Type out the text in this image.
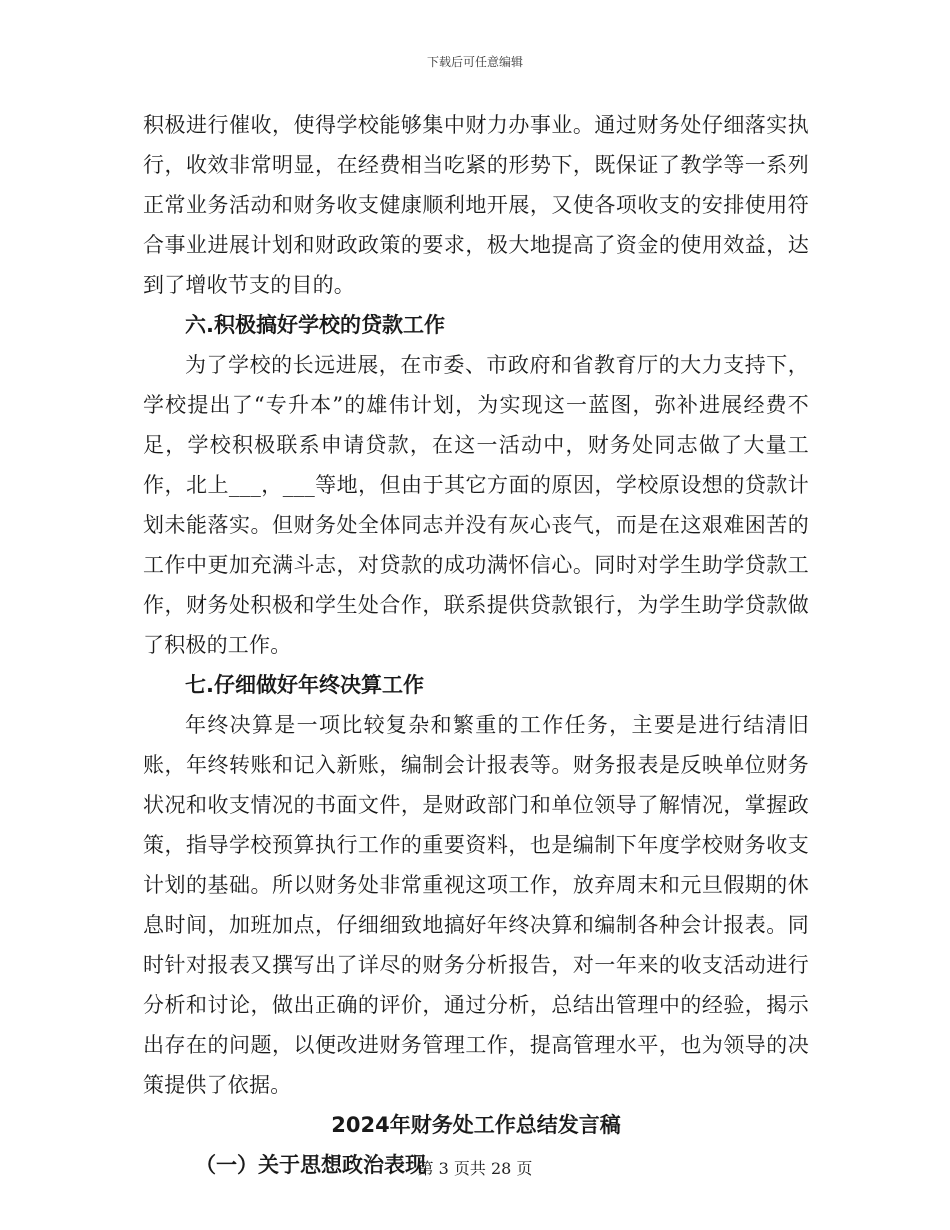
下载后可任意编辑

积极进行催收，使得学校能够集中财力办事业。通过财务处仔细落实执行，收效非常明显，在经费相当吃紧的形势下，既保证了教学等一系列正常业务活动和财务收支健康顺利地开展，又使各项收支的安排使用符合事业进展计划和财政政策的要求，极大地提高了资金的使用效益，达到了增收节支的目的。

六.积极搞好学校的贷款工作

为了学校的长远进展，在市委、市政府和省教育厅的大力支持下，学校提出了“专升本”的雄伟计划，为实现这一蓝图，弥补进展经费不足，学校积极联系申请贷款，在这一活动中，财务处同志做了大量工作，北上___，___等地，但由于其它方面的原因，学校原设想的贷款计划未能落实。但财务处全体同志并没有灰心丧气，而是在这艰难困苦的工作中更加充满斗志，对贷款的成功满怀信心。同时对学生助学贷款工作，财务处积极和学生处合作，联系提供贷款银行，为学生助学贷款做了积极的工作。

七.仔细做好年终决算工作

年终决算是一项比较复杂和繁重的工作任务，主要是进行结清旧账，年终转账和记入新账，编制会计报表等。财务报表是反映单位财务状况和收支情况的书面文件，是财政部门和单位领导了解情况，掌握政策，指导学校预算执行工作的重要资料，也是编制下年度学校财务收支计划的基础。所以财务处非常重视这项工作，放弃周末和元旦假期的休息时间，加班加点，仔细细致地搞好年终决算和编制各种会计报表。同时针对报表又撰写出了详尽的财务分析报告，对一年来的收支活动进行分析和讨论，做出正确的评价，通过分析，总结出管理中的经验，揭示出存在的问题，以便改进财务管理工作，提高管理水平，也为领导的决策提供了依据。

2024年财务处工作总结发言稿

（一）关于思想政治表现

第 3 页共 28 页
